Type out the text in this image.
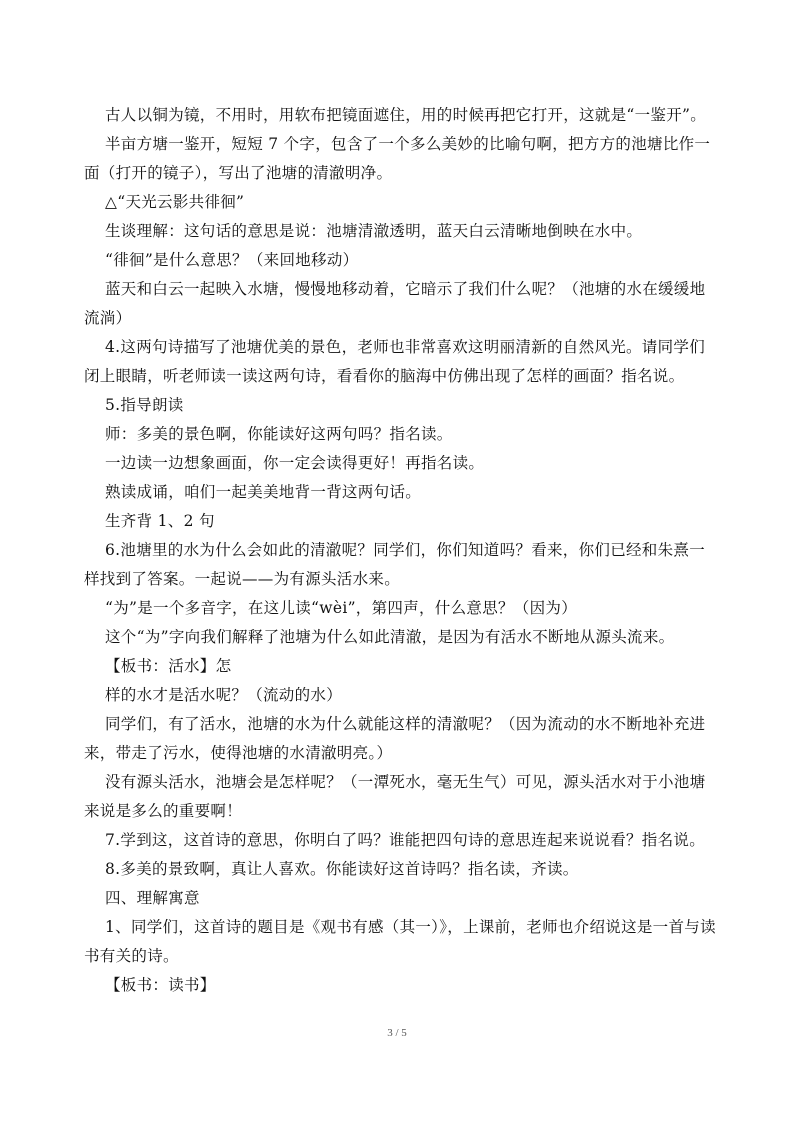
古人以铜为镜，不用时，用软布把镜面遮住，用的时候再把它打开，这就是“一鉴开”。
半亩方塘一鉴开，短短 7 个字，包含了一个多么美妙的比喻句啊，把方方的池塘比作一
面（打开的镜子），写出了池塘的清澈明净。
△“天光云影共徘徊”
生谈理解：这句话的意思是说：池塘清澈透明，蓝天白云清晰地倒映在水中。
“徘徊”是什么意思？（来回地移动）
蓝天和白云一起映入水塘，慢慢地移动着，它暗示了我们什么呢？（池塘的水在缓缓地
流淌）
4.这两句诗描写了池塘优美的景色，老师也非常喜欢这明丽清新的自然风光。请同学们
闭上眼睛，听老师读一读这两句诗，看看你的脑海中仿佛出现了怎样的画面？指名说。
5.指导朗读
师：多美的景色啊，你能读好这两句吗？指名读。
一边读一边想象画面，你一定会读得更好！再指名读。
熟读成诵，咱们一起美美地背一背这两句话。
生齐背 1、2 句
6.池塘里的水为什么会如此的清澈呢？同学们，你们知道吗？看来，你们已经和朱熹一
样找到了答案。一起说——为有源头活水来。
“为”是一个多音字，在这儿读“wèi”，第四声，什么意思？（因为）
这个“为”字向我们解释了池塘为什么如此清澈，是因为有活水不断地从源头流来。
【板书：活水】怎
样的水才是活水呢？（流动的水）
同学们，有了活水，池塘的水为什么就能这样的清澈呢？（因为流动的水不断地补充进
来，带走了污水，使得池塘的水清澈明亮。）
没有源头活水，池塘会是怎样呢？（一潭死水，毫无生气）可见，源头活水对于小池塘
来说是多么的重要啊！
7.学到这，这首诗的意思，你明白了吗？谁能把四句诗的意思连起来说说看？指名说。
8.多美的景致啊，真让人喜欢。你能读好这首诗吗？指名读，齐读。
四、理解寓意
1、同学们，这首诗的题目是《观书有感（其一）》，上课前，老师也介绍说这是一首与读
书有关的诗。
【板书：读书】
3 / 5
